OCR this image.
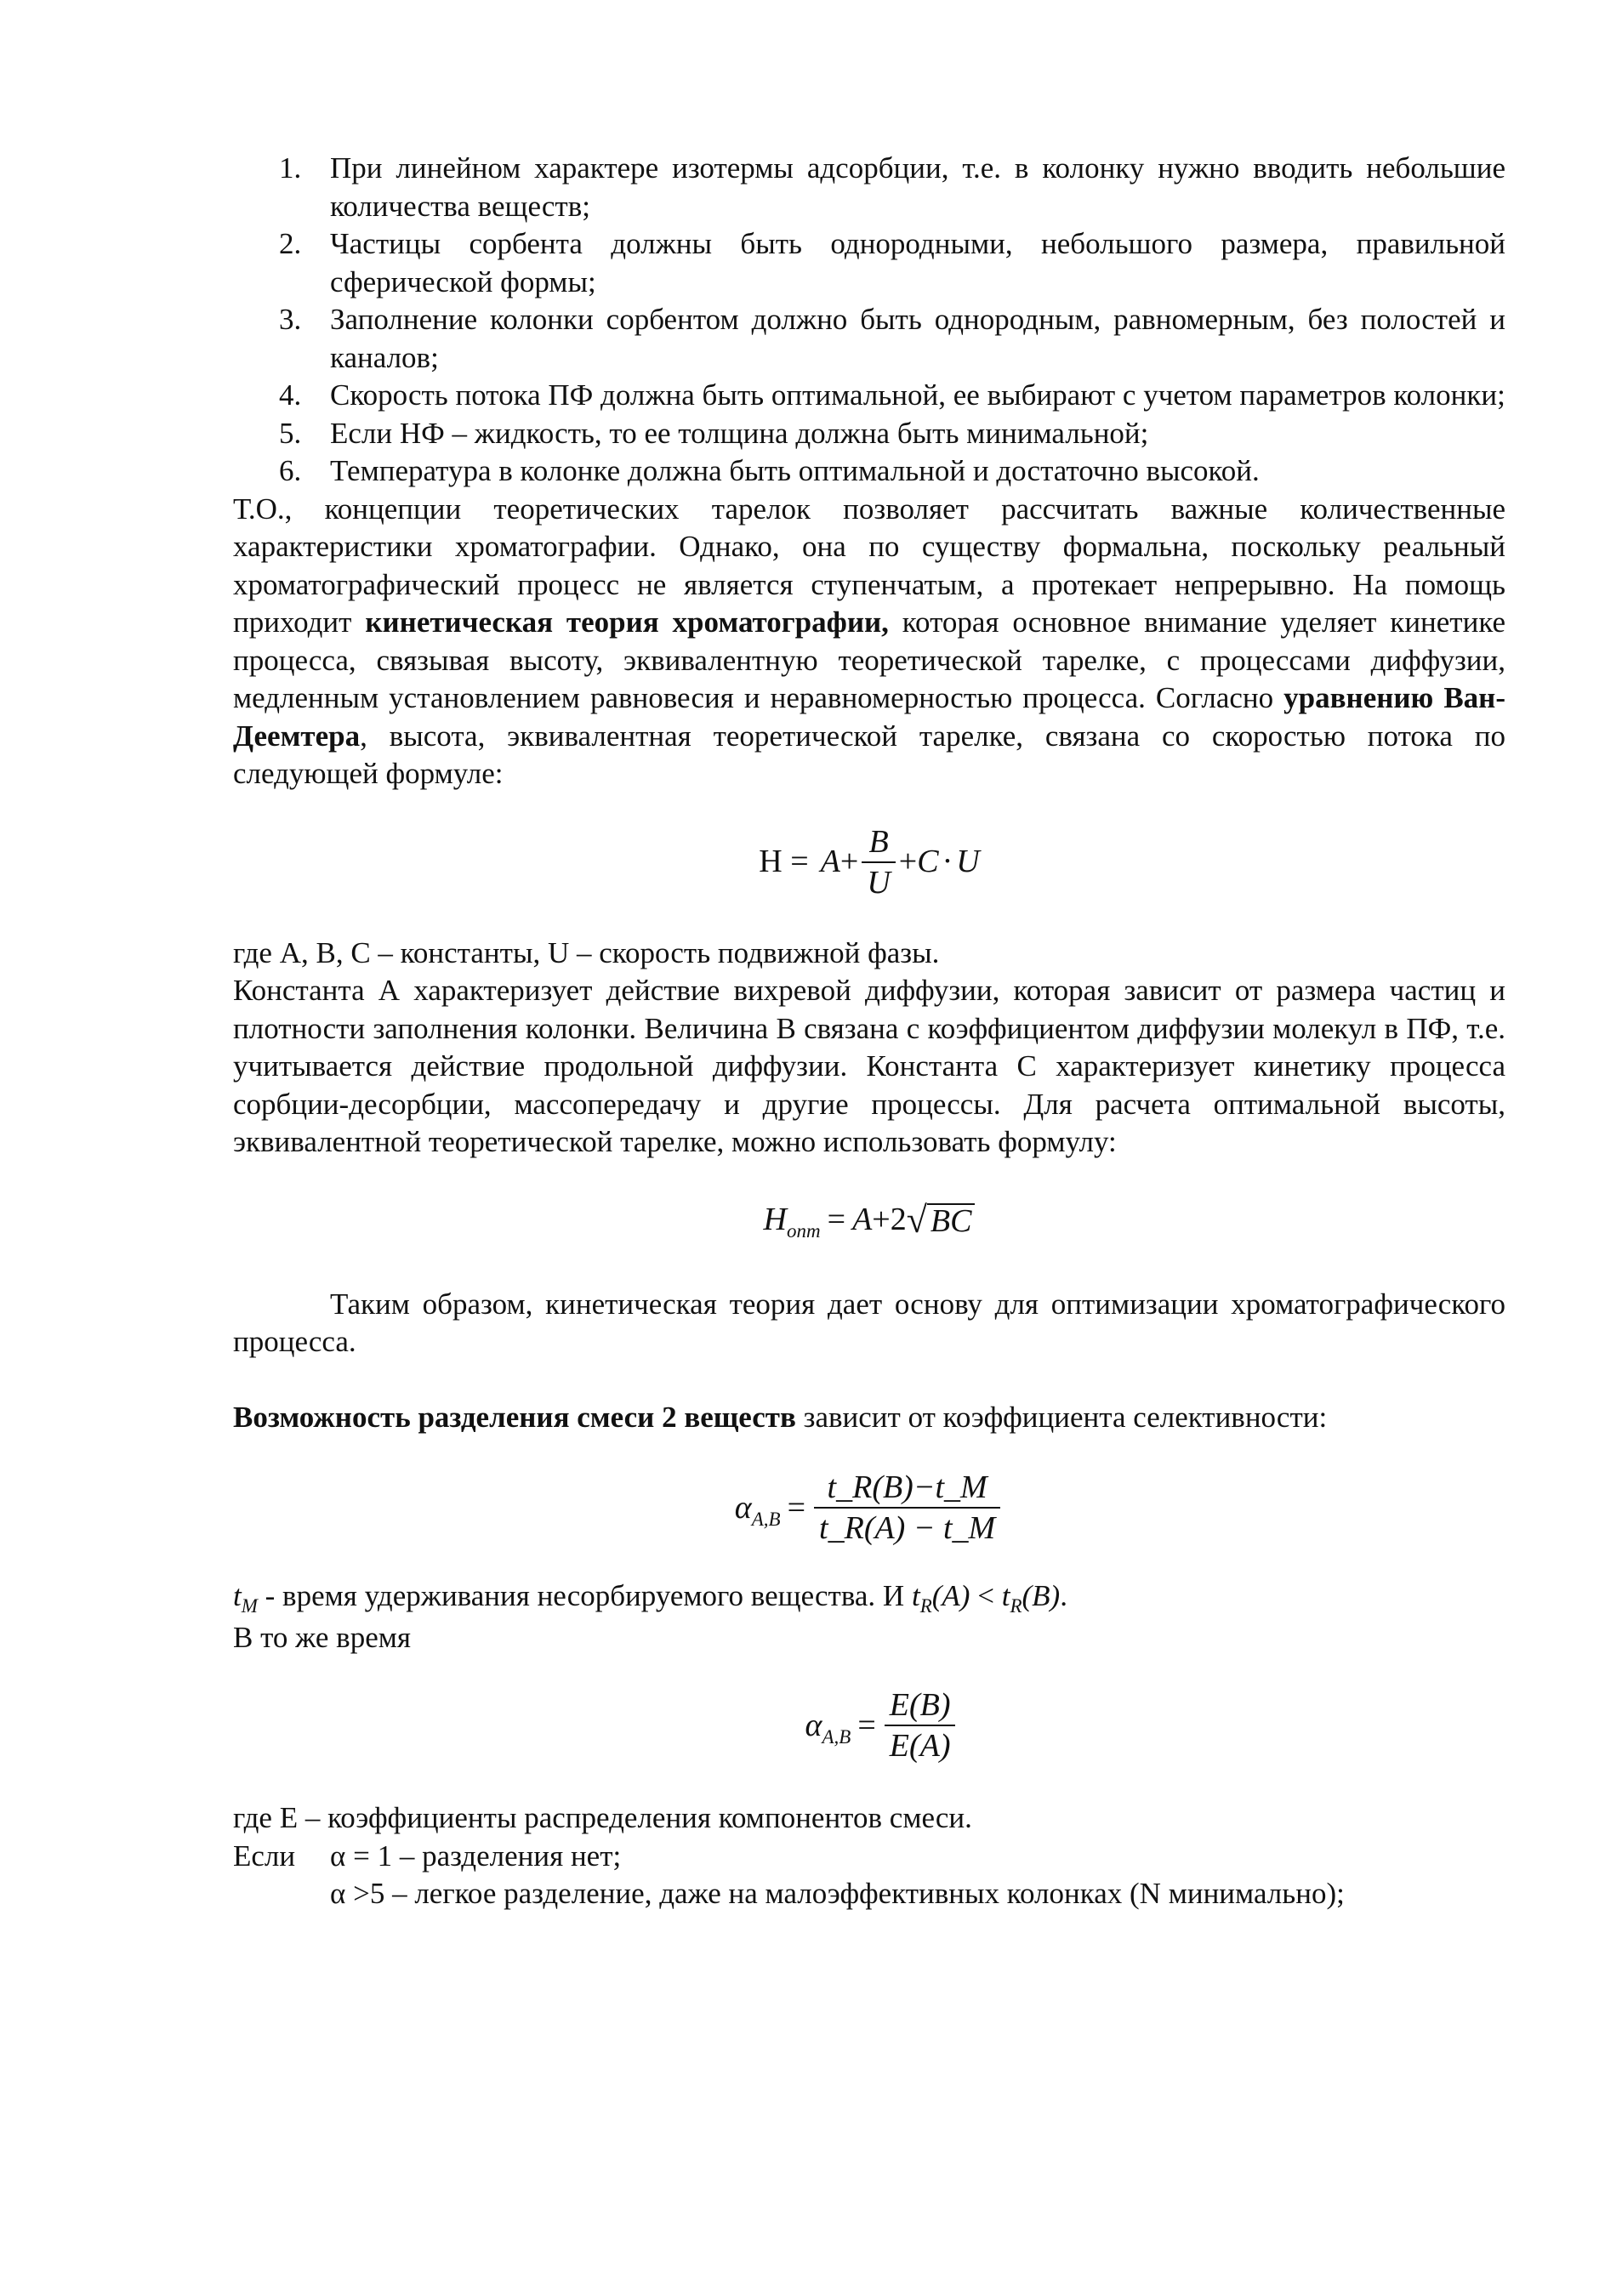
1. При линейном характере изотермы адсорбции, т.е. в колонку нужно вводить небольшие количества веществ;
2. Частицы сорбента должны быть однородными, небольшого размера, правильной сферической формы;
3. Заполнение колонки сорбентом должно быть однородным, равномерным, без полостей и каналов;
4. Скорость потока ПФ должна быть оптимальной, ее выбирают с учетом параметров колонки;
5. Если НФ – жидкость, то ее толщина должна быть минимальной;
6. Температура в колонке должна быть оптимальной и достаточно высокой.

Т.О., концепции теоретических тарелок позволяет рассчитать важные количественные характеристики хроматографии. Однако, она по существу формальна, поскольку реальный хроматографический процесс не является ступенчатым, а протекает непрерывно. На помощь приходит кинетическая теория хроматографии, которая основное внимание уделяет кинетике процесса, связывая высоту, эквивалентную теоретической тарелке, с процессами диффузии, медленным установлением равновесия и неравномерностью процесса. Согласно уравнению Ван-Деемтера, высота, эквивалентная теоретической тарелке, связана со скоростью потока по следующей формуле:

$H = A + \frac{B}{U} + C \cdot U$

где А, В, С – константы, U – скорость подвижной фазы.

Константа А характеризует действие вихревой диффузии, которая зависит от размера частиц и плотности заполнения колонки. Величина В связана с коэффициентом диффузии молекул в ПФ, т.е. учитывается действие продольной диффузии. Константа С характеризует кинетику процесса сорбции-десорбции, массопередачу и другие процессы. Для расчета оптимальной высоты, эквивалентной теоретической тарелке, можно использовать формулу:

H опт = A + 2 √ BC

Таким образом, кинетическая теория дает основу для оптимизации хроматографического процесса.

Возможность разделения смеси 2 веществ зависит от коэффициента селективности:

α $A,B = \frac{t\_R(B)-t\_M}{t\_R(A) - t\_M}$

$t_M$ - время удерживания несорбируемого вещества. И $t_R(A) < t_R(B)$.

В то же время

α $A,B = \frac{E(B)}{E(A)}$

где Е – коэффициенты распределения компонентов смеси.

Если α = 1 – разделения нет;

α >5 – легкое разделение, даже на малоэффективных колонках (N минимально);
